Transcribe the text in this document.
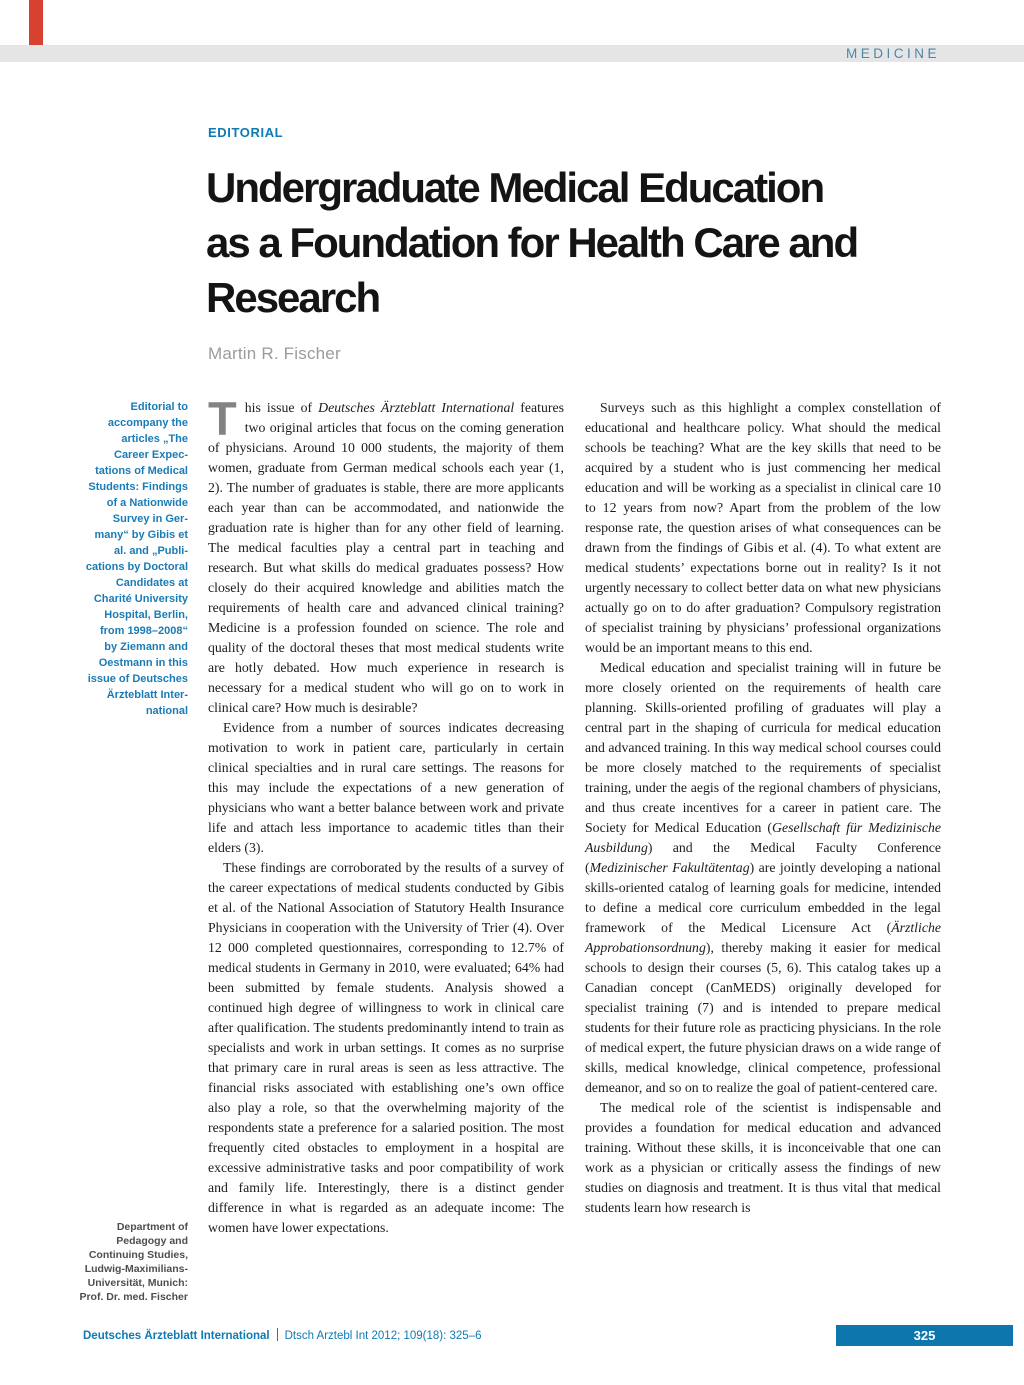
MEDICINE
EDITORIAL
Undergraduate Medical Education
as a Foundation for Health Care and
Research
Martin R. Fischer
Editorial to
accompany the
articles „The
Career Expec-
tations of Medical
Students: Findings
of a Nationwide
Survey in Ger-
many“ by Gibis et
al. and „Publi-
cations by Doctoral
Candidates at
Charité University
Hospital, Berlin,
from 1998–2008“
by Ziemann and
Oestmann in this
issue of Deutsches
Ärzteblatt Inter-
national

This issue of Deutsches Ärzteblatt International features two original articles that focus on the coming generation of physicians. Around 10 000 students, the majority of them women, graduate from German medical schools each year (1, 2). The number of graduates is stable, there are more applicants each year than can be accommodated, and nationwide the graduation rate is higher than for any other field of learning. The medical faculties play a central part in teaching and research. But what skills do medical graduates possess? How closely do their acquired knowledge and abilities match the requirements of health care and advanced clinical training? Medicine is a profession founded on science. The role and quality of the doctoral theses that most medical students write are hotly debated. How much experience in research is necessary for a medical student who will go on to work in clinical care? How much is desirable?

Evidence from a number of sources indicates decreasing motivation to work in patient care, particularly in certain clinical specialties and in rural care settings. The reasons for this may include the expectations of a new generation of physicians who want a better balance between work and private life and attach less importance to academic titles than their elders (3).

These findings are corroborated by the results of a survey of the career expectations of medical students conducted by Gibis et al. of the National Association of Statutory Health Insurance Physicians in cooperation with the University of Trier (4). Over 12 000 completed questionnaires, corresponding to 12.7% of medical students in Germany in 2010, were evaluated; 64% had been submitted by female students. Analysis showed a continued high degree of willingness to work in clinical care after qualification. The students predominantly intend to train as specialists and work in urban settings. It comes as no surprise that primary care in rural areas is seen as less attractive. The financial risks associated with establishing one’s own office also play a role, so that the overwhelming majority of the respondents state a preference for a salaried position. The most frequently cited obstacles to employment in a hospital are excessive administrative tasks and poor compatibility of work and family life. Interestingly, there is a distinct gender difference in what is regarded as an adequate income: The women have lower expectations.

Surveys such as this highlight a complex constellation of educational and healthcare policy. What should the medical schools be teaching? What are the key skills that need to be acquired by a student who is just commencing her medical education and will be working as a specialist in clinical care 10 to 12 years from now? Apart from the problem of the low response rate, the question arises of what consequences can be drawn from the findings of Gibis et al. (4). To what extent are medical students’ expectations borne out in reality? Is it not urgently necessary to collect better data on what new physicians actually go on to do after graduation? Compulsory registration of specialist training by physicians’ professional organizations would be an important means to this end.

Medical education and specialist training will in future be more closely oriented on the requirements of health care planning. Skills-oriented profiling of graduates will play a central part in the shaping of curricula for medical education and advanced training. In this way medical school courses could be more closely matched to the requirements of specialist training, under the aegis of the regional chambers of physicians, and thus create incentives for a career in patient care. The Society for Medical Education (Gesellschaft für Medizinische Ausbildung) and the Medical Faculty Conference (Medizinischer Fakultätentag) are jointly developing a national skills-oriented catalog of learning goals for medicine, intended to define a medical core curriculum embedded in the legal framework of the Medical Licensure Act (Ärztliche Approbationsordnung), thereby making it easier for medical schools to design their courses (5, 6). This catalog takes up a Canadian concept (CanMEDS) originally developed for specialist training (7) and is intended to prepare medical students for their future role as practicing physicians. In the role of medical expert, the future physician draws on a wide range of skills, medical knowledge, clinical competence, professional demeanor, and so on to realize the goal of patient-centered care.

The medical role of the scientist is indispensable and provides a foundation for medical education and advanced training. Without these skills, it is inconceivable that one can work as a physician or critically assess the findings of new studies on diagnosis and treatment. It is thus vital that medical students learn how research is

Department of
Pedagogy and
Continuing Studies,
Ludwig-Maximilians-
Universität, Munich:
Prof. Dr. med. Fischer
Deutsches Ärzteblatt International Dtsch Arztebl Int 2012; 109(18): 325–6	325
